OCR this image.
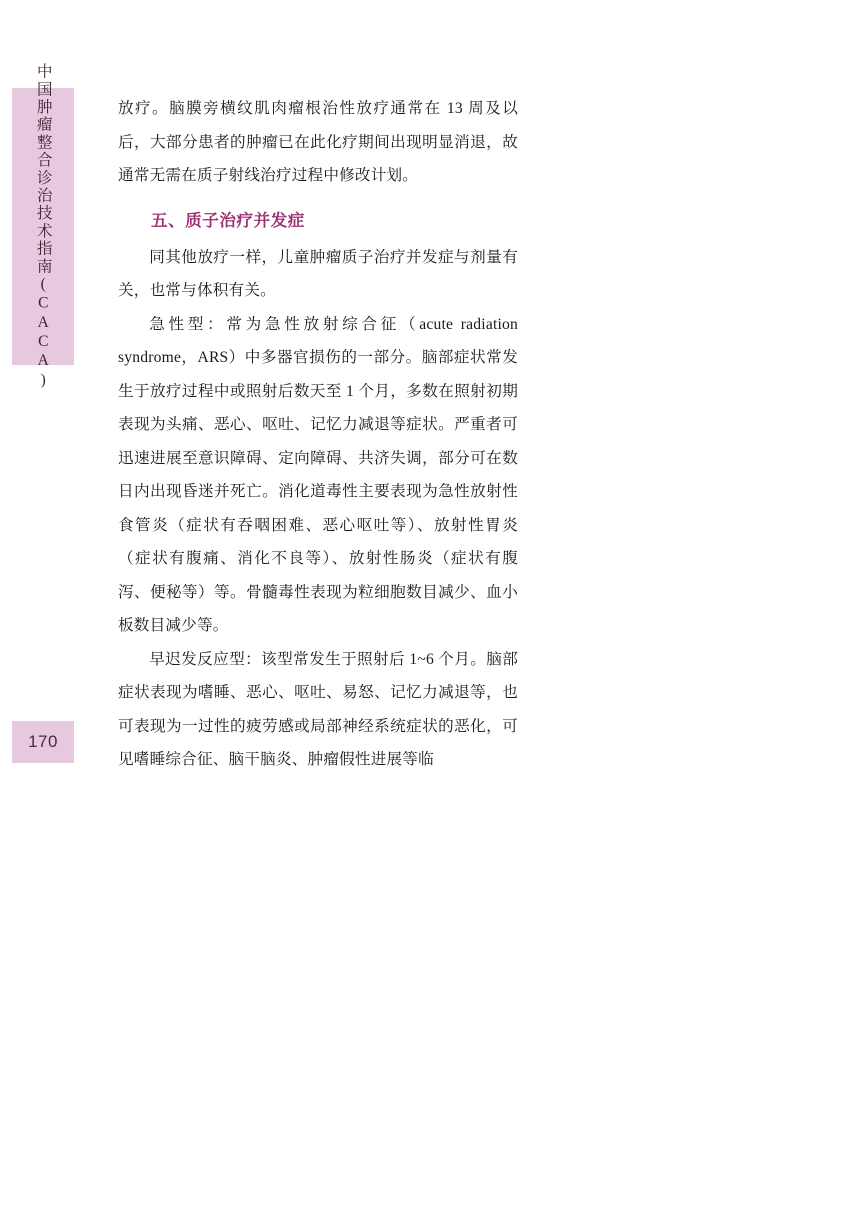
中国肿瘤整合诊治技术指南(CACA)
170

放疗。脑膜旁横纹肌肉瘤根治性放疗通常在 13 周及以后，大部分患者的肿瘤已在此化疗期间出现明显消退，故通常无需在质子射线治疗过程中修改计划。

五、质子治疗并发症

同其他放疗一样，儿童肿瘤质子治疗并发症与剂量有关，也常与体积有关。

急性型：常为急性放射综合征（acute radiation syndrome，ARS）中多器官损伤的一部分。脑部症状常发生于放疗过程中或照射后数天至 1 个月，多数在照射初期表现为头痛、恶心、呕吐、记忆力减退等症状。严重者可迅速进展至意识障碍、定向障碍、共济失调，部分可在数日内出现昏迷并死亡。消化道毒性主要表现为急性放射性食管炎（症状有吞咽困难、恶心呕吐等）、放射性胃炎（症状有腹痛、消化不良等）、放射性肠炎（症状有腹泻、便秘等）等。骨髓毒性表现为粒细胞数目减少、血小板数目减少等。

早迟发反应型：该型常发生于照射后 1~6 个月。脑部症状表现为嗜睡、恶心、呕吐、易怒、记忆力减退等，也可表现为一过性的疲劳感或局部神经系统症状的恶化，可见嗜睡综合征、脑干脑炎、肿瘤假性进展等临
